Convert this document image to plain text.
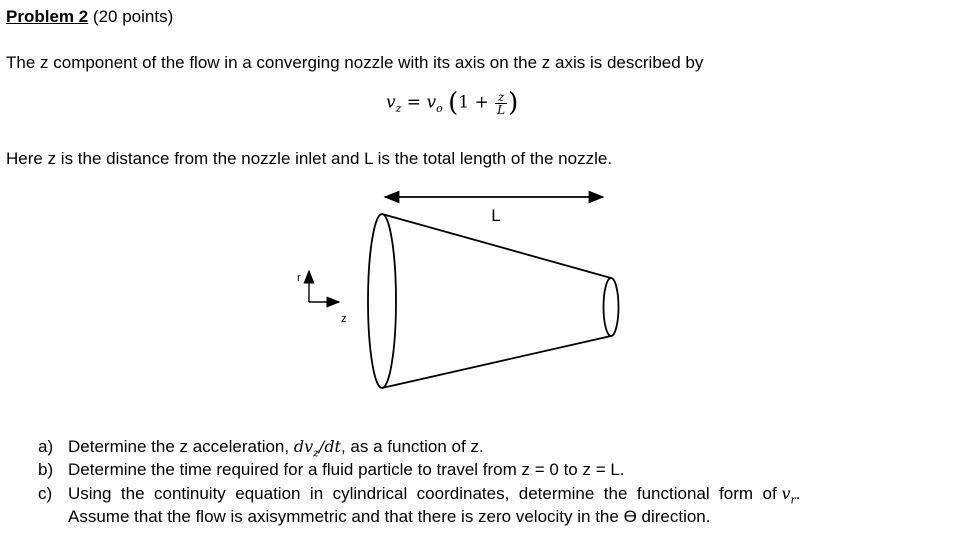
Problem 2 (20 points)
The z component of the flow in a converging nozzle with its axis on the z axis is described by
$v_z = v_o$ ($1 + \frac{z}{L}$ )
Here z is the distance from the nozzle inlet and L is the total length of the nozzle.
L
r
z
a) Determine the z acceleration, $dv_z/dt$, as a function of z.
b) Determine the time required for a fluid particle to travel from z = 0 to z = L.
c) Using  the  continuity  equation  in  cylindrical  coordinates,  determine  the  functional  form  of $v_r$.
Assume that the flow is axisymmetric and that there is zero velocity in the ϴ direction.
